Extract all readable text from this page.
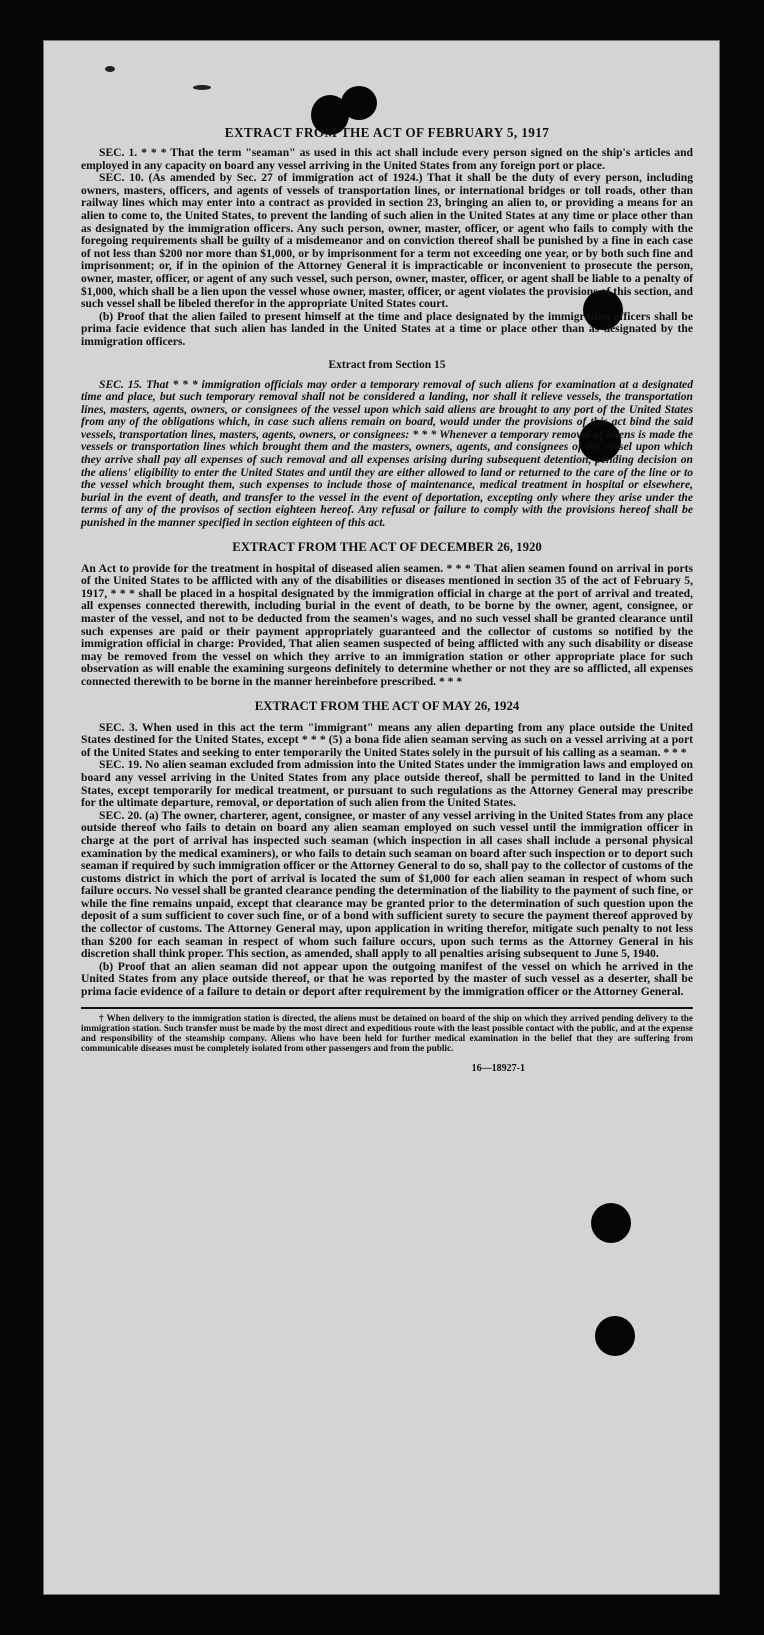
EXTRACT FROM THE ACT OF FEBRUARY 5, 1917

SEC. 1. * * * That the term "seaman" as used in this act shall include every person signed on the ship's articles and employed in any capacity on board any vessel arriving in the United States from any foreign port or place.

SEC. 10. (As amended by Sec. 27 of immigration act of 1924.) That it shall be the duty of every person, including owners, masters, officers, and agents of vessels of transportation lines, or international bridges or toll roads, other than railway lines which may enter into a contract as provided in section 23, bringing an alien to, or providing a means for an alien to come to, the United States, to prevent the landing of such alien in the United States at any time or place other than as designated by the immigration officers. Any such person, owner, master, officer, or agent who fails to comply with the foregoing requirements shall be guilty of a misdemeanor and on conviction thereof shall be punished by a fine in each case of not less than $200 nor more than $1,000, or by imprisonment for a term not exceeding one year, or by both such fine and imprisonment; or, if in the opinion of the Attorney General it is impracticable or inconvenient to prosecute the person, owner, master, officer, or agent of any such vessel, such person, owner, master, officer, or agent shall be liable to a penalty of $1,000, which shall be a lien upon the vessel whose owner, master, officer, or agent violates the provisions of this section, and such vessel shall be libeled therefor in the appropriate United States court.

(b) Proof that the alien failed to present himself at the time and place designated by the immigration officers shall be prima facie evidence that such alien has landed in the United States at a time or place other than as designated by the immigration officers.

Extract from Section 15

SEC. 15. That * * * immigration officials may order a temporary removal of such aliens for examination at a designated time and place, but such temporary removal shall not be considered a landing, nor shall it relieve vessels, the transportation lines, masters, agents, owners, or consignees of the vessel upon which said aliens are brought to any port of the United States from any of the obligations which, in case such aliens remain on board, would under the provisions of this act bind the said vessels, transportation lines, masters, agents, owners, or consignees: * * * Whenever a temporary removal of aliens is made the vessels or transportation lines which brought them and the masters, owners, agents, and consignees of the vessel upon which they arrive shall pay all expenses of such removal and all expenses arising during subsequent detention, pending decision on the aliens' eligibility to enter the United States and until they are either allowed to land or returned to the care of the line or to the vessel which brought them, such expenses to include those of maintenance, medical treatment in hospital or elsewhere, burial in the event of death, and transfer to the vessel in the event of deportation, excepting only where they arise under the terms of any of the provisos of section eighteen hereof. Any refusal or failure to comply with the provisions hereof shall be punished in the manner specified in section eighteen of this act.

EXTRACT FROM THE ACT OF DECEMBER 26, 1920

An Act to provide for the treatment in hospital of diseased alien seamen. * * * That alien seamen found on arrival in ports of the United States to be afflicted with any of the disabilities or diseases mentioned in section 35 of the act of February 5, 1917, * * * shall be placed in a hospital designated by the immigration official in charge at the port of arrival and treated, all expenses connected therewith, including burial in the event of death, to be borne by the owner, agent, consignee, or master of the vessel, and not to be deducted from the seamen's wages, and no such vessel shall be granted clearance until such expenses are paid or their payment appropriately guaranteed and the collector of customs so notified by the immigration official in charge: Provided, That alien seamen suspected of being afflicted with any such disability or disease may be removed from the vessel on which they arrive to an immigration station or other appropriate place for such observation as will enable the examining surgeons definitely to determine whether or not they are so afflicted, all expenses connected therewith to be borne in the manner hereinbefore prescribed. * * *

EXTRACT FROM THE ACT OF MAY 26, 1924

SEC. 3. When used in this act the term "immigrant" means any alien departing from any place outside the United States destined for the United States, except * * * (5) a bona fide alien seaman serving as such on a vessel arriving at a port of the United States and seeking to enter temporarily the United States solely in the pursuit of his calling as a seaman. * * *

SEC. 19. No alien seaman excluded from admission into the United States under the immigration laws and employed on board any vessel arriving in the United States from any place outside thereof, shall be permitted to land in the United States, except temporarily for medical treatment, or pursuant to such regulations as the Attorney General may prescribe for the ultimate departure, removal, or deportation of such alien from the United States.

SEC. 20. (a) The owner, charterer, agent, consignee, or master of any vessel arriving in the United States from any place outside thereof who fails to detain on board any alien seaman employed on such vessel until the immigration officer in charge at the port of arrival has inspected such seaman (which inspection in all cases shall include a personal physical examination by the medical examiners), or who fails to detain such seaman on board after such inspection or to deport such seaman if required by such immigration officer or the Attorney General to do so, shall pay to the collector of customs of the customs district in which the port of arrival is located the sum of $1,000 for each alien seaman in respect of whom such failure occurs. No vessel shall be granted clearance pending the determination of the liability to the payment of such fine, or while the fine remains unpaid, except that clearance may be granted prior to the determination of such question upon the deposit of a sum sufficient to cover such fine, or of a bond with sufficient surety to secure the payment thereof approved by the collector of customs. The Attorney General may, upon application in writing therefor, mitigate such penalty to not less than $200 for each seaman in respect of whom such failure occurs, upon such terms as the Attorney General in his discretion shall think proper. This section, as amended, shall apply to all penalties arising subsequent to June 5, 1940.

(b) Proof that an alien seaman did not appear upon the outgoing manifest of the vessel on which he arrived in the United States from any place outside thereof, or that he was reported by the master of such vessel as a deserter, shall be prima facie evidence of a failure to detain or deport after requirement by the immigration officer or the Attorney General.

† When delivery to the immigration station is directed, the aliens must be detained on board of the ship on which they arrived pending delivery to the immigration station. Such transfer must be made by the most direct and expeditious route with the least possible contact with the public, and at the expense and responsibility of the steamship company. Aliens who have been held for further medical examination in the belief that they are suffering from communicable diseases must be completely isolated from other passengers and from the public.

16—18927-1
